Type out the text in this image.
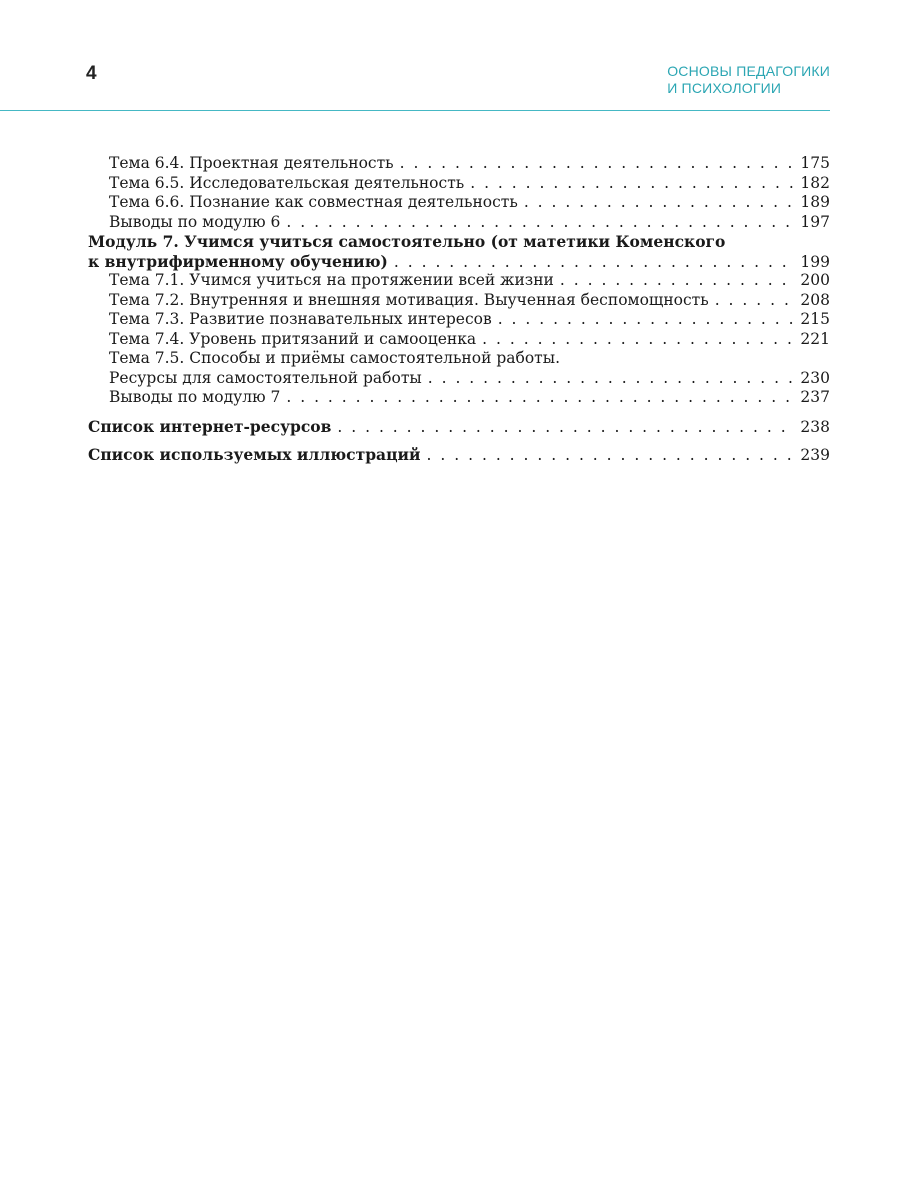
4	ОСНОВЫ ПЕДАГОГИКИ
И ПСИХОЛОГИИ
Тема 6.4. Проектная деятельность . . .	175
Тема 6.5. Исследовательская деятельность . . .	182
Тема 6.6. Познание как совместная деятельность . . .	189
Выводы по модулю 6 . . .	197
Модуль 7. Учимся учиться самостоятельно (от матетики Коменского
к внутрифирменному обучению) . . .	199
Тема 7.1. Учимся учиться на протяжении всей жизни . . .	200
Тема 7.2. Внутренняя и внешняя мотивация. Выученная беспомощность . . .	208
Тема 7.3. Развитие познавательных интересов . . .	215
Тема 7.4. Уровень притязаний и самооценка . . .	221
Тема 7.5. Способы и приёмы самостоятельной работы.
Ресурсы для самостоятельной работы . . .	230
Выводы по модулю 7 . . .	237
Список интернет-ресурсов . . .	238
Список используемых иллюстраций . . .	239
